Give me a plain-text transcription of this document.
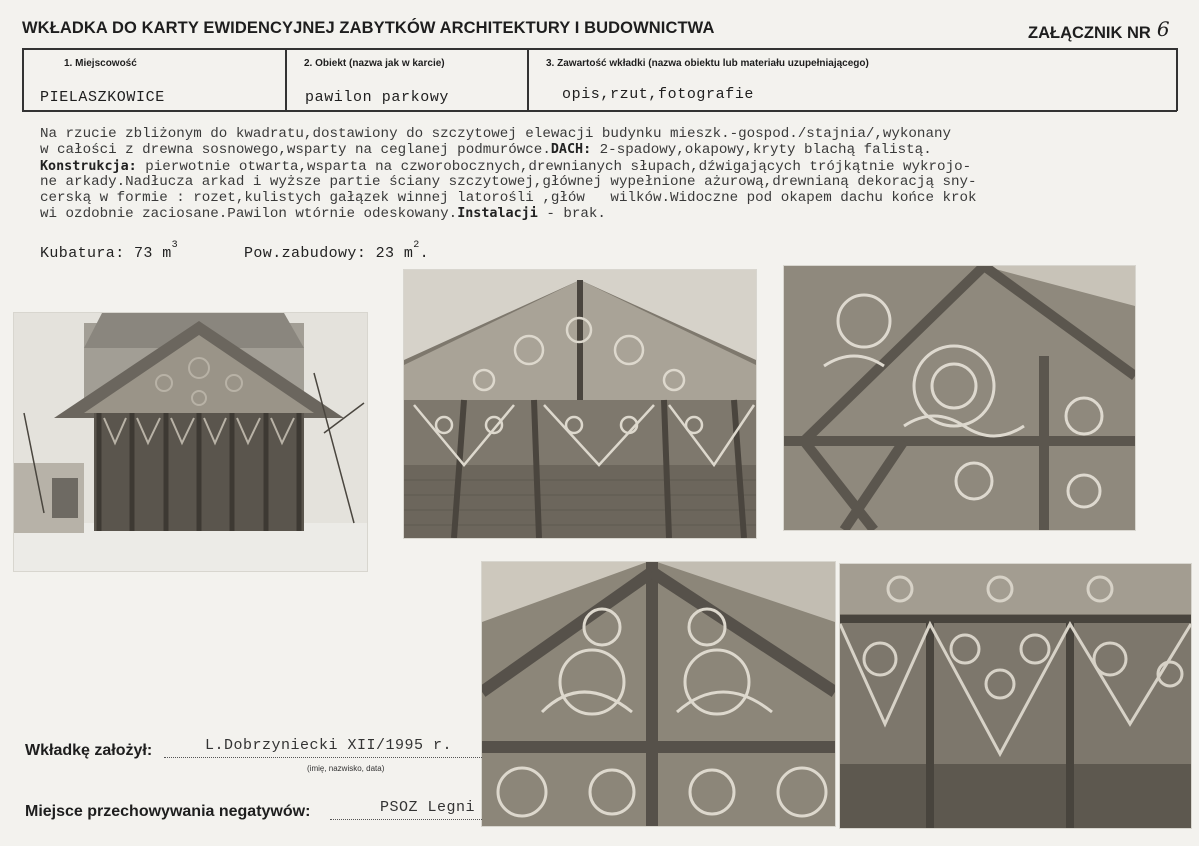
WKŁADKA DO KARTY EWIDENCYJNEJ ZABYTKÓW ARCHITEKTURY I BUDOWNICTWA	ZAŁĄCZNIK NR 6
1. Miejscowość
PIELASZKOWICE
2. Obiekt (nazwa jak w karcie)
pawilon parkowy
3. Zawartość wkładki (nazwa obiektu lub materiału uzupełniającego)
opis,rzut,fotografie
Na rzucie zbliżonym do kwadratu,dostawiony do szczytowej elewacji budynku mieszk.-gospod./stajnia/,wykonany
w całości z drewna sosnowego,wsparty na ceglanej podmurówce.DACH: 2-spadowy,okapowy,kryty blachą falistą.
Konstrukcja: pierwotnie otwarta,wsparta na czworobocznych,drewnianych słupach,dźwigających trójkątnie wykrojo-
ne arkady.Nadłucza arkad i wyższe partie ściany szczytowej,głównej wypełnione ażurową,drewnianą dekoracją sny-
cerską w formie : rozet,kulistych gałązek winnej latorośli ,głów   wilków.Widoczne pod okapem dachu końce krok
wi ozdobnie zaciosane.Pawilon wtórnie odeskowany.Instalacji - brak.
Kubatura: 73 $m^3$	Pow.zabudowy: 23 $m^2$.
Wkładkę założył:	L.Dobrzyniecki XII/1995 r.
(imię, nazwisko, data)
Miejsce przechowywania negatywów:	PSOZ Legni
